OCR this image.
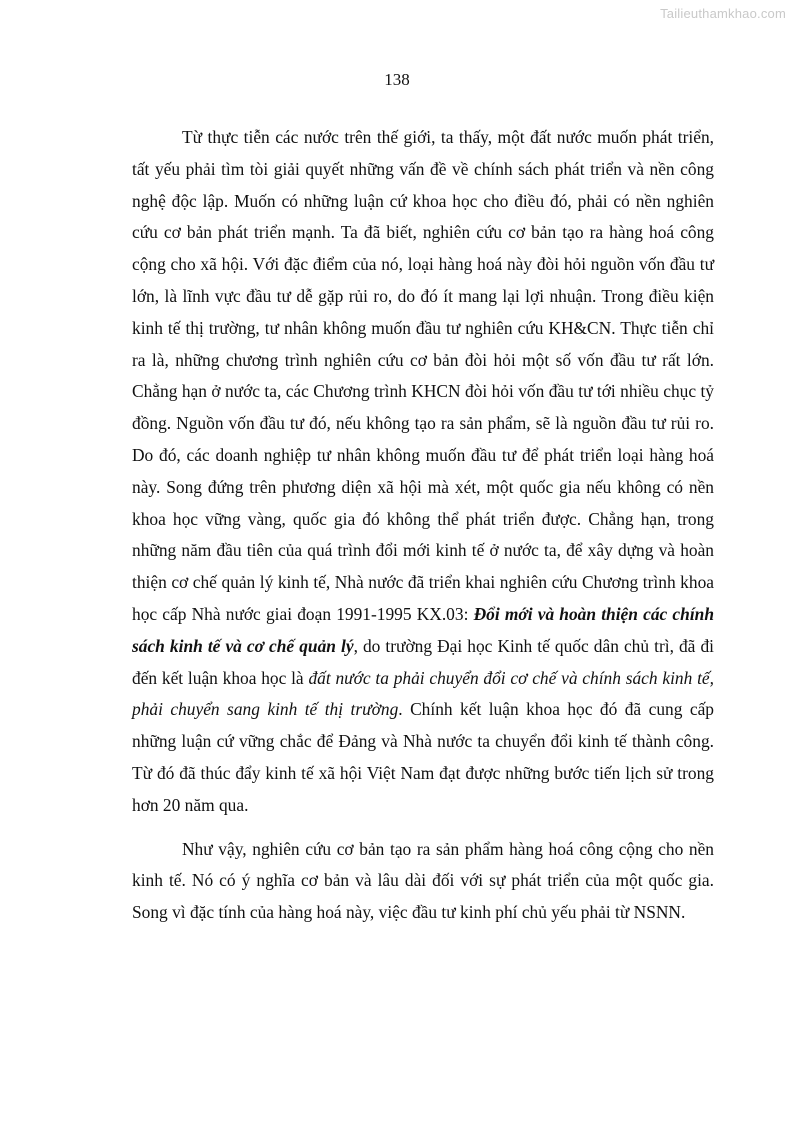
Tailieuthamkhao.com
138

Từ thực tiễn các nước trên thế giới, ta thấy, một đất nước muốn phát triển, tất yếu phải tìm tòi giải quyết những vấn đề về chính sách phát triển và nền công nghệ độc lập. Muốn có những luận cứ khoa học cho điều đó, phải có nền nghiên cứu cơ bản phát triển mạnh. Ta đã biết, nghiên cứu cơ bản tạo ra hàng hoá công cộng cho xã hội. Với đặc điểm của nó, loại hàng hoá này đòi hỏi nguồn vốn đầu tư lớn, là lĩnh vực đầu tư dễ gặp rủi ro, do đó ít mang lại lợi nhuận. Trong điều kiện kinh tế thị trường, tư nhân không muốn đầu tư nghiên cứu KH&CN. Thực tiễn chỉ ra là, những chương trình nghiên cứu cơ bản đòi hỏi một số vốn đầu tư rất lớn. Chẳng hạn ở nước ta, các Chương trình KHCN đòi hỏi vốn đầu tư tới nhiều chục tỷ đồng. Nguồn vốn đầu tư đó, nếu không tạo ra sản phẩm, sẽ là nguồn đầu tư rủi ro. Do đó, các doanh nghiệp tư nhân không muốn đầu tư để phát triển loại hàng hoá này. Song đứng trên phương diện xã hội mà xét, một quốc gia nếu không có nền khoa học vững vàng, quốc gia đó không thể phát triển được. Chẳng hạn, trong những năm đầu tiên của quá trình đổi mới kinh tế ở nước ta, để xây dựng và hoàn thiện cơ chế quản lý kinh tế, Nhà nước đã triển khai nghiên cứu Chương trình khoa học cấp Nhà nước giai đoạn 1991-1995 KX.03: Đổi mới và hoàn thiện các chính sách kinh tế và cơ chế quản lý, do trường Đại học Kinh tế quốc dân chủ trì, đã đi đến kết luận khoa học là đất nước ta phải chuyển đổi cơ chế và chính sách kinh tế, phải chuyển sang kinh tế thị trường. Chính kết luận khoa học đó đã cung cấp những luận cứ vững chắc để Đảng và Nhà nước ta chuyển đổi kinh tế thành công. Từ đó đã thúc đẩy kinh tế xã hội Việt Nam đạt được những bước tiến lịch sử trong hơn 20 năm qua.

Như vậy, nghiên cứu cơ bản tạo ra sản phẩm hàng hoá công cộng cho nền kinh tế. Nó có ý nghĩa cơ bản và lâu dài đối với sự phát triển của một quốc gia. Song vì đặc tính của hàng hoá này, việc đầu tư kinh phí chủ yếu phải từ NSNN.
